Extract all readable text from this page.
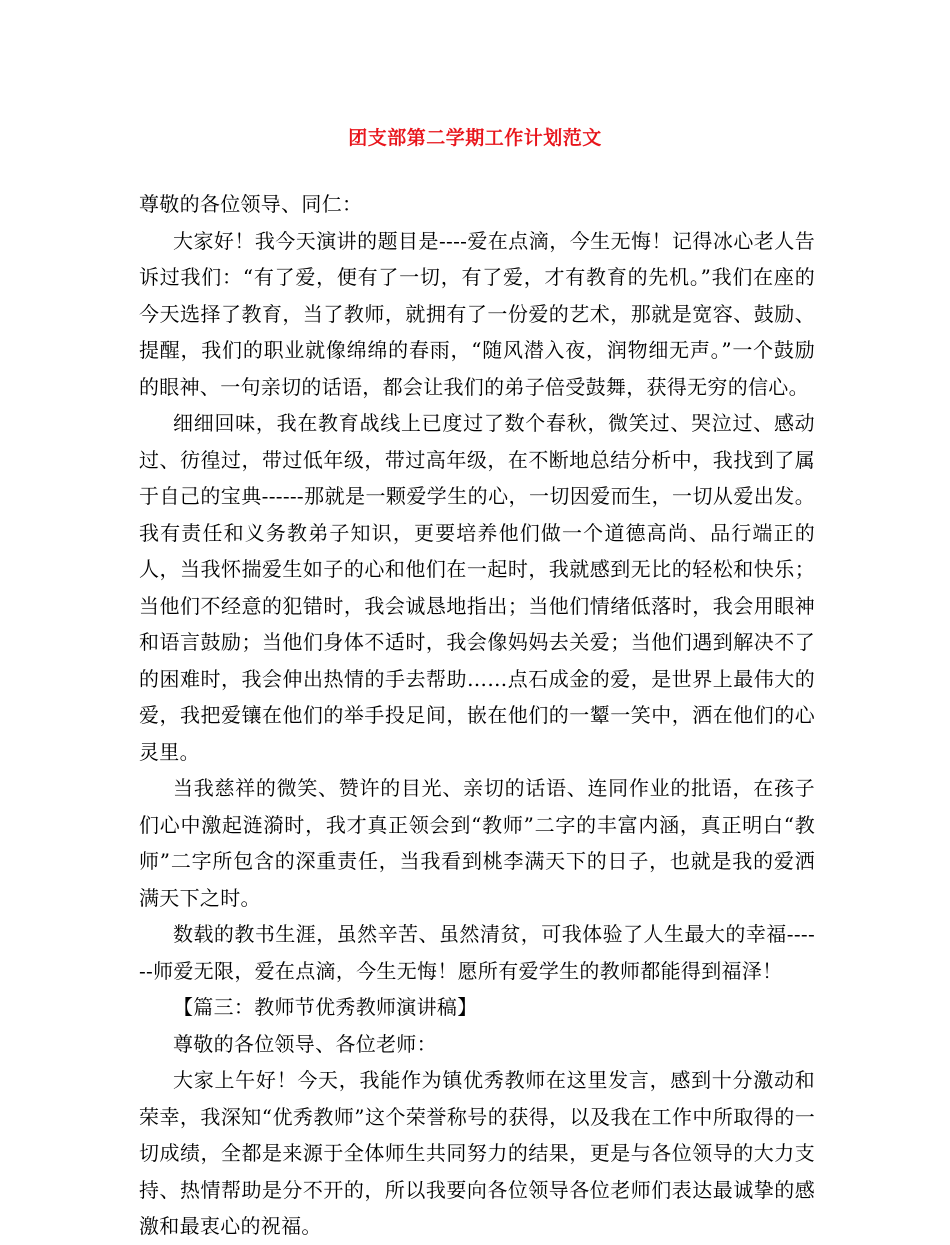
团支部第二学期工作计划范文

尊敬的各位领导、同仁：

大家好！我今天演讲的题目是----爱在点滴，今生无悔！记得冰心老人告诉过我们：“有了爱，便有了一切，有了爱，才有教育的先机。”我们在座的今天选择了教育，当了教师，就拥有了一份爱的艺术，那就是宽容、鼓励、提醒，我们的职业就像绵绵的春雨，“随风潜入夜，润物细无声。”一个鼓励的眼神、一句亲切的话语，都会让我们的弟子倍受鼓舞，获得无穷的信心。

细细回味，我在教育战线上已度过了数个春秋，微笑过、哭泣过、感动过、彷徨过，带过低年级，带过高年级，在不断地总结分析中，我找到了属于自己的宝典------那就是一颗爱学生的心，一切因爱而生，一切从爱出发。我有责任和义务教弟子知识，更要培养他们做一个道德高尚、品行端正的人，当我怀揣爱生如子的心和他们在一起时，我就感到无比的轻松和快乐；当他们不经意的犯错时，我会诚恳地指出；当他们情绪低落时，我会用眼神和语言鼓励；当他们身体不适时，我会像妈妈去关爱；当他们遇到解决不了的困难时，我会伸出热情的手去帮助……点石成金的爱，是世界上最伟大的爱，我把爱镶在他们的举手投足间，嵌在他们的一颦一笑中，洒在他们的心灵里。

当我慈祥的微笑、赞许的目光、亲切的话语、连同作业的批语，在孩子们心中激起涟漪时，我才真正领会到“教师”二字的丰富内涵，真正明白“教师”二字所包含的深重责任，当我看到桃李满天下的日子，也就是我的爱洒满天下之时。

数载的教书生涯，虽然辛苦、虽然清贫，可我体验了人生最大的幸福------师爱无限，爱在点滴，今生无悔！愿所有爱学生的教师都能得到福泽！

【篇三：教师节优秀教师演讲稿】

尊敬的各位领导、各位老师：

大家上午好！今天，我能作为镇优秀教师在这里发言，感到十分激动和荣幸，我深知“优秀教师”这个荣誉称号的获得，以及我在工作中所取得的一切成绩，全都是来源于全体师生共同努力的结果，更是与各位领导的大力支持、热情帮助是分不开的，所以我要向各位领导各位老师们表达最诚挚的感激和最衷心的祝福。
